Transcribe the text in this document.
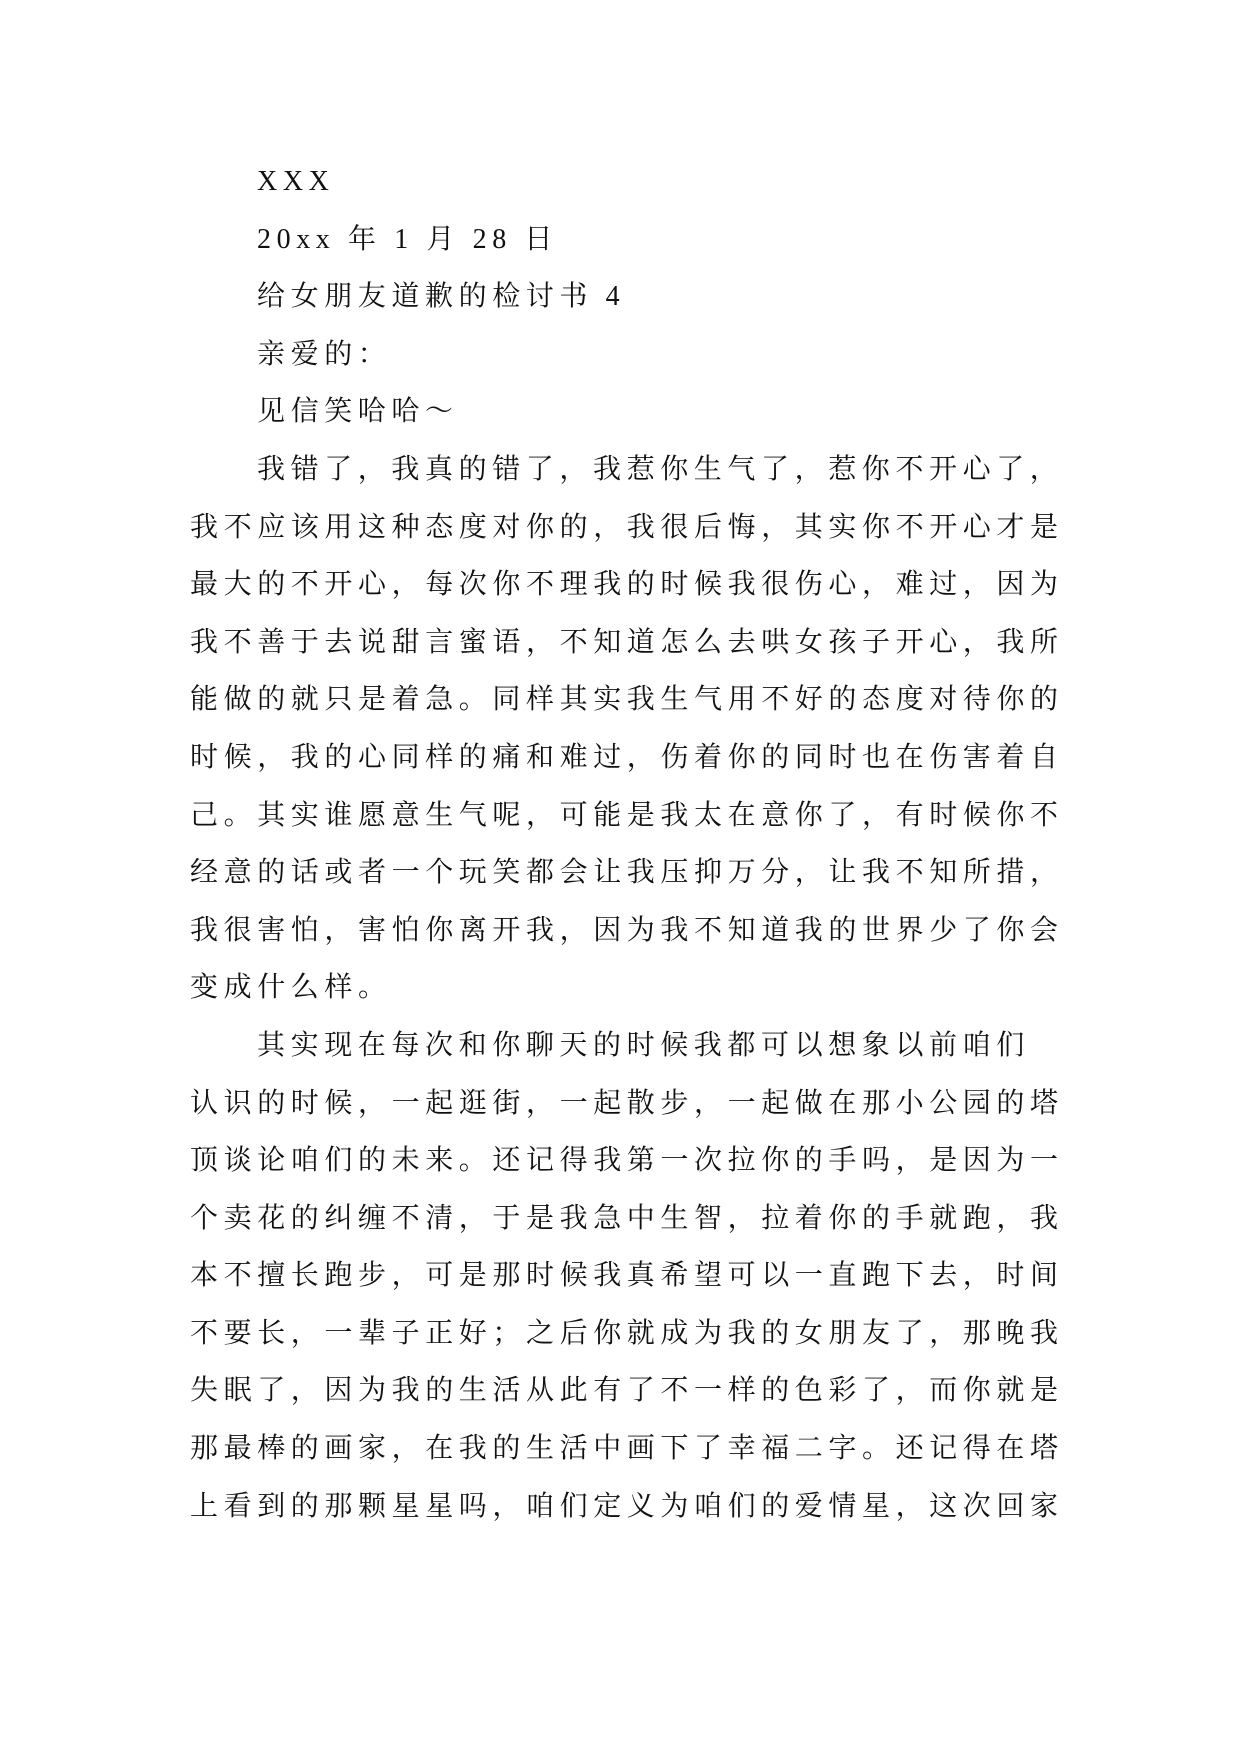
XXX
20xx 年 1 月 28 日
给女朋友道歉的检讨书 4
亲爱的：
见信笑哈哈～
我错了，我真的错了，我惹你生气了，惹你不开心了，
我不应该用这种态度对你的，我很后悔，其实你不开心才是
最大的不开心，每次你不理我的时候我很伤心，难过，因为
我不善于去说甜言蜜语，不知道怎么去哄女孩子开心，我所
能做的就只是着急。同样其实我生气用不好的态度对待你的
时候，我的心同样的痛和难过，伤着你的同时也在伤害着自
己。其实谁愿意生气呢，可能是我太在意你了，有时候你不
经意的话或者一个玩笑都会让我压抑万分，让我不知所措，
我很害怕，害怕你离开我，因为我不知道我的世界少了你会
变成什么样。
其实现在每次和你聊天的时候我都可以想象以前咱们
认识的时候，一起逛街，一起散步，一起做在那小公园的塔
顶谈论咱们的未来。还记得我第一次拉你的手吗，是因为一
个卖花的纠缠不清，于是我急中生智，拉着你的手就跑，我
本不擅长跑步，可是那时候我真希望可以一直跑下去，时间
不要长，一辈子正好；之后你就成为我的女朋友了，那晚我
失眠了，因为我的生活从此有了不一样的色彩了，而你就是
那最棒的画家，在我的生活中画下了幸福二字。还记得在塔
上看到的那颗星星吗，咱们定义为咱们的爱情星，这次回家
